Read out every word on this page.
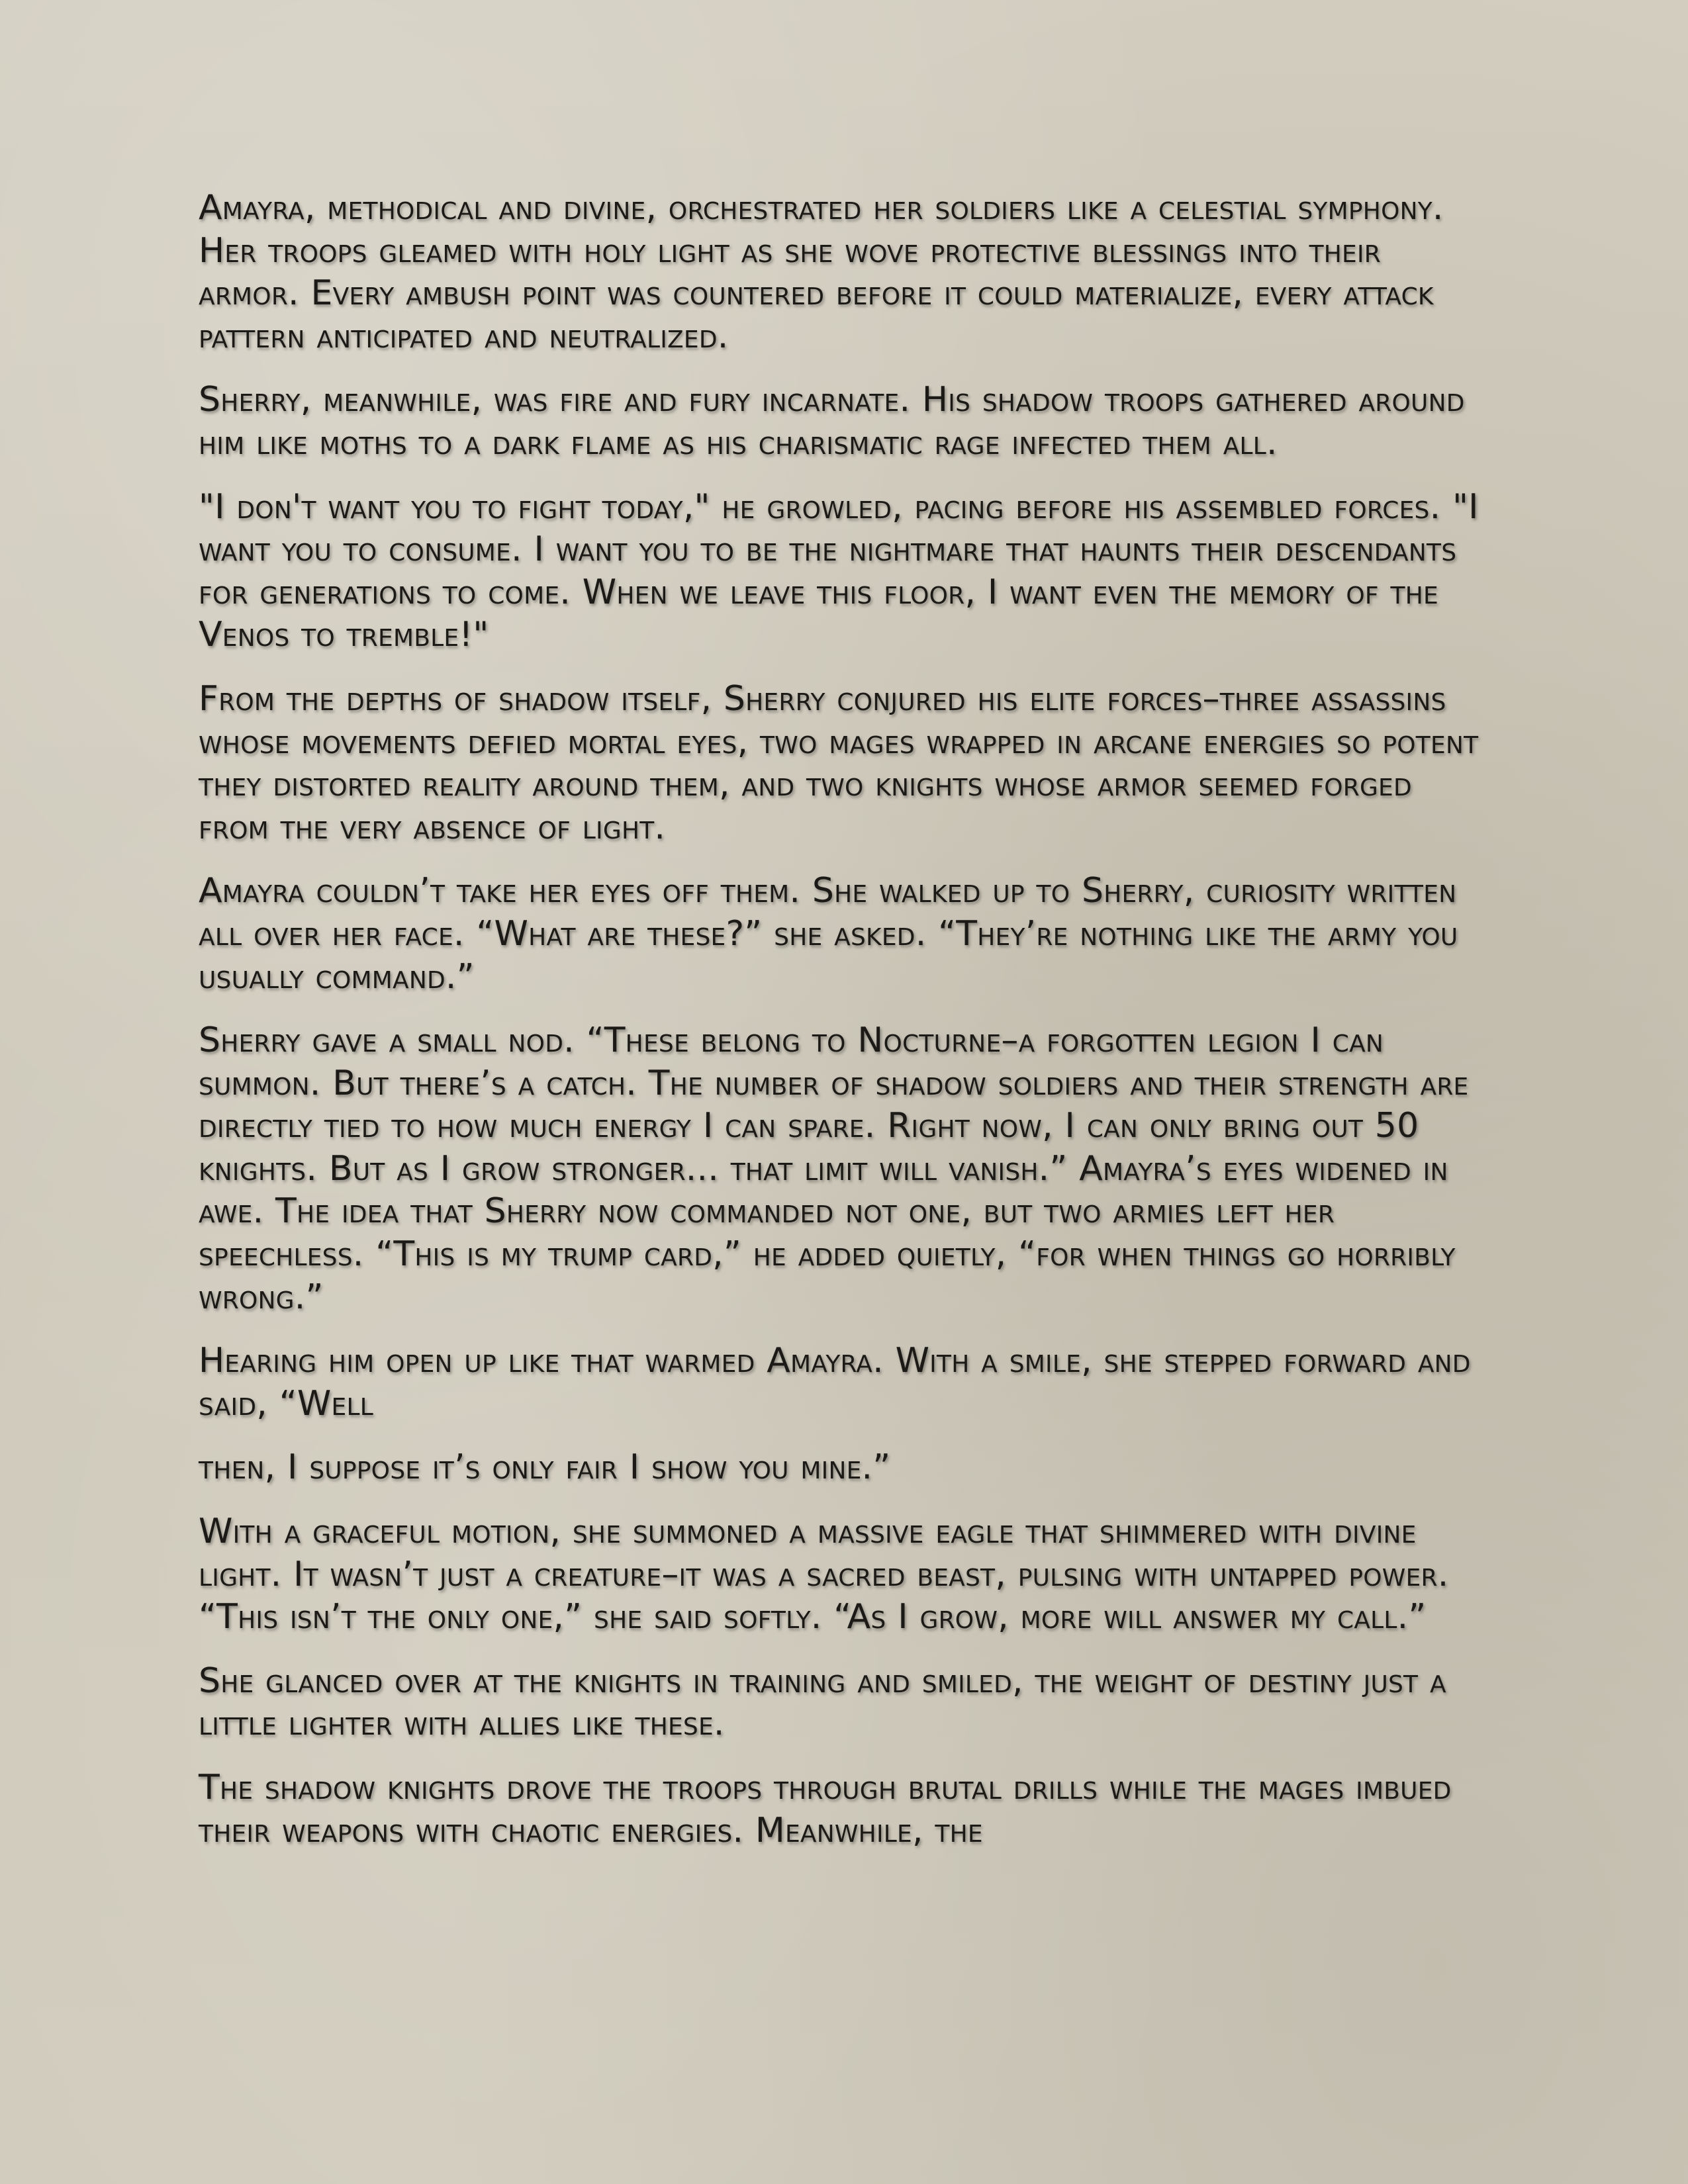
Amayra, methodical and divine, orchestrated her soldiers like a celestial symphony. Her troops gleamed with holy light as she wove protective blessings into their armor. Every ambush point was countered before it could materialize, every attack pattern anticipated and neutralized.

Sherry, meanwhile, was fire and fury incarnate. His shadow troops gathered around him like moths to a dark flame as his charismatic rage infected them all.

"I don't want you to fight today," he growled, pacing before his assembled forces. "I want you to consume. I want you to be the nightmare that haunts their descendants for generations to come. When we leave this floor, I want even the memory of the Venos to tremble!"

From the depths of shadow itself, Sherry conjured his elite forces–three assassins whose movements defied mortal eyes, two mages wrapped in arcane energies so potent they distorted reality around them, and two knights whose armor seemed forged from the very absence of light.

Amayra couldn’t take her eyes off them. She walked up to Sherry, curiosity written all over her face. “What are these?” she asked. “They’re nothing like the army you usually command.”

Sherry gave a small nod. “These belong to Nocturne–a forgotten legion I can summon. But there’s a catch. The number of shadow soldiers and their strength are directly tied to how much energy I can spare. Right now, I can only bring out 50 knights. But as I grow stronger... that limit will vanish.” Amayra’s eyes widened in awe. The idea that Sherry now commanded not one, but two armies left her speechless. “This is my trump card,” he added quietly, “for when things go horribly wrong.”

Hearing him open up like that warmed Amayra. With a smile, she stepped forward and said, “Well

then, I suppose it’s only fair I show you mine.”

With a graceful motion, she summoned a massive eagle that shimmered with divine light. It wasn’t just a creature–it was a sacred beast, pulsing with untapped power. “This isn’t the only one,” she said softly. “As I grow, more will answer my call.”

She glanced over at the knights in training and smiled, the weight of destiny just a little lighter with allies like these.

The shadow knights drove the troops through brutal drills while the mages imbued their weapons with chaotic energies. Meanwhile, the
